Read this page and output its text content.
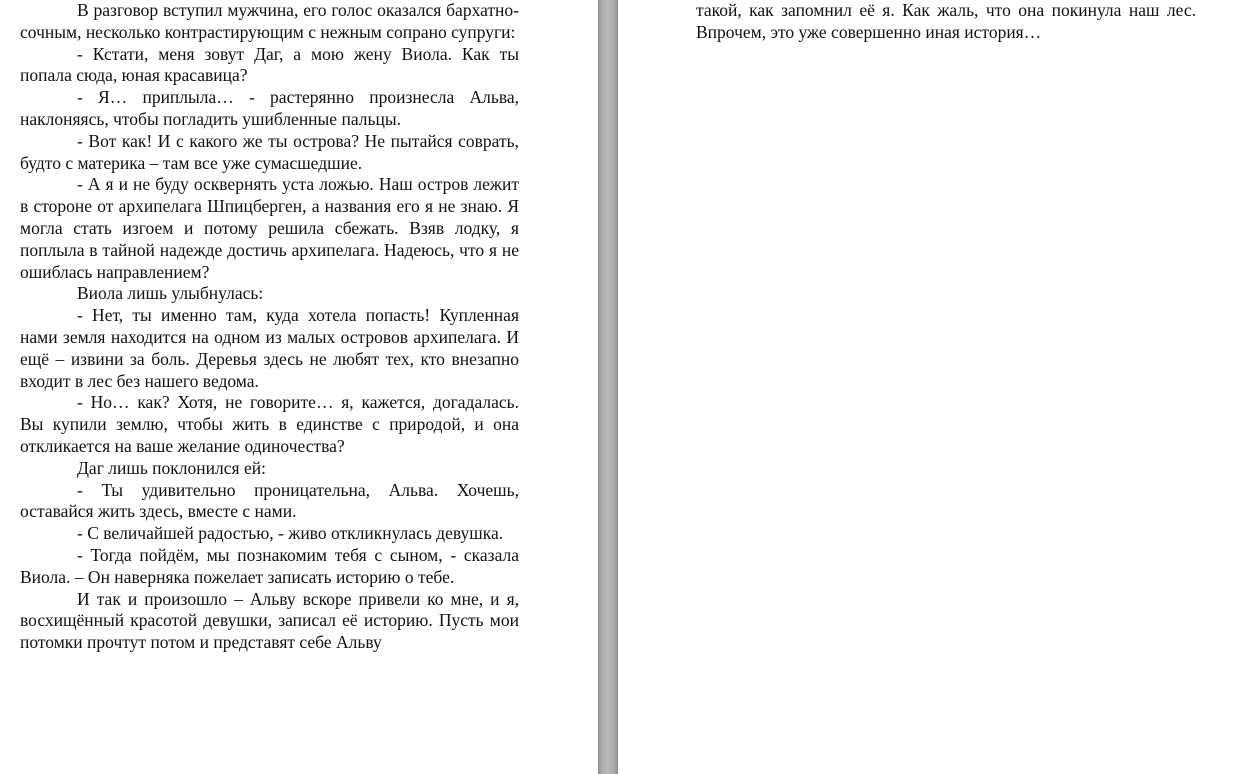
В разговор вступил мужчина, его голос оказался бархатно-сочным, несколько контрастирующим с нежным сопрано супруги:

- Кстати, меня зовут Даг, а мою жену Виола. Как ты попала сюда, юная красавица?

- Я… приплыла… - растерянно произнесла Альва, наклоняясь, чтобы погладить ушибленные пальцы.

- Вот как! И с какого же ты острова? Не пытайся соврать, будто с материка – там все уже сумасшедшие.

- А я и не буду осквернять уста ложью. Наш остров лежит в стороне от архипелага Шпицберген, а названия его я не знаю. Я могла стать изгоем и потому решила сбежать. Взяв лодку, я поплыла в тайной надежде достичь архипелага. Надеюсь, что я не ошиблась направлением?

Виола лишь улыбнулась:

- Нет, ты именно там, куда хотела попасть! Купленная нами земля находится на одном из малых островов архипелага. И ещё – извини за боль. Деревья здесь не любят тех, кто внезапно входит в лес без нашего ведома.

- Но… как? Хотя, не говорите… я, кажется, догадалась. Вы купили землю, чтобы жить в единстве с природой, и она откликается на ваше желание одиночества?

Даг лишь поклонился ей:

- Ты удивительно проницательна, Альва. Хочешь, оставайся жить здесь, вместе с нами.

- С величайшей радостью, - живо откликнулась девушка.

- Тогда пойдём, мы познакомим тебя с сыном, - сказала Виола. – Он наверняка пожелает записать историю о тебе.

И так и произошло – Альву вскоре привели ко мне, и я, восхищённый красотой девушки, записал её историю. Пусть мои потомки прочтут потом и представят себе Альву

такой, как запомнил её я. Как жаль, что она покинула наш лес. Впрочем, это уже совершенно иная история…
